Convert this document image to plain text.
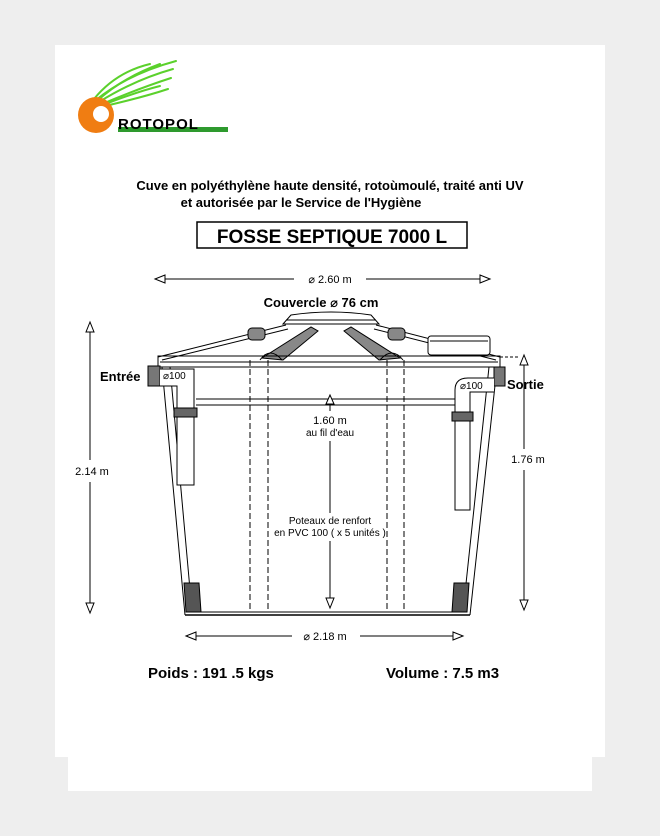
ROTOPOL
Cuve en polyéthylène haute densité, rotoùmoulé, traité anti UV
et autorisée par le Service de l'Hygiène
FOSSE SEPTIQUE 7000 L
⌀ 2.60 m
Couvercle ⌀ 76 cm
⌀100
⌀100
Entrée
Sortie
2.14 m
1.76 m
1.60 m
au fil d'eau
Poteaux de renfort
en PVC 100 ( x 5 unités )
⌀ 2.18 m
Poids : 191 .5 kgs	Volume : 7.5 m3
